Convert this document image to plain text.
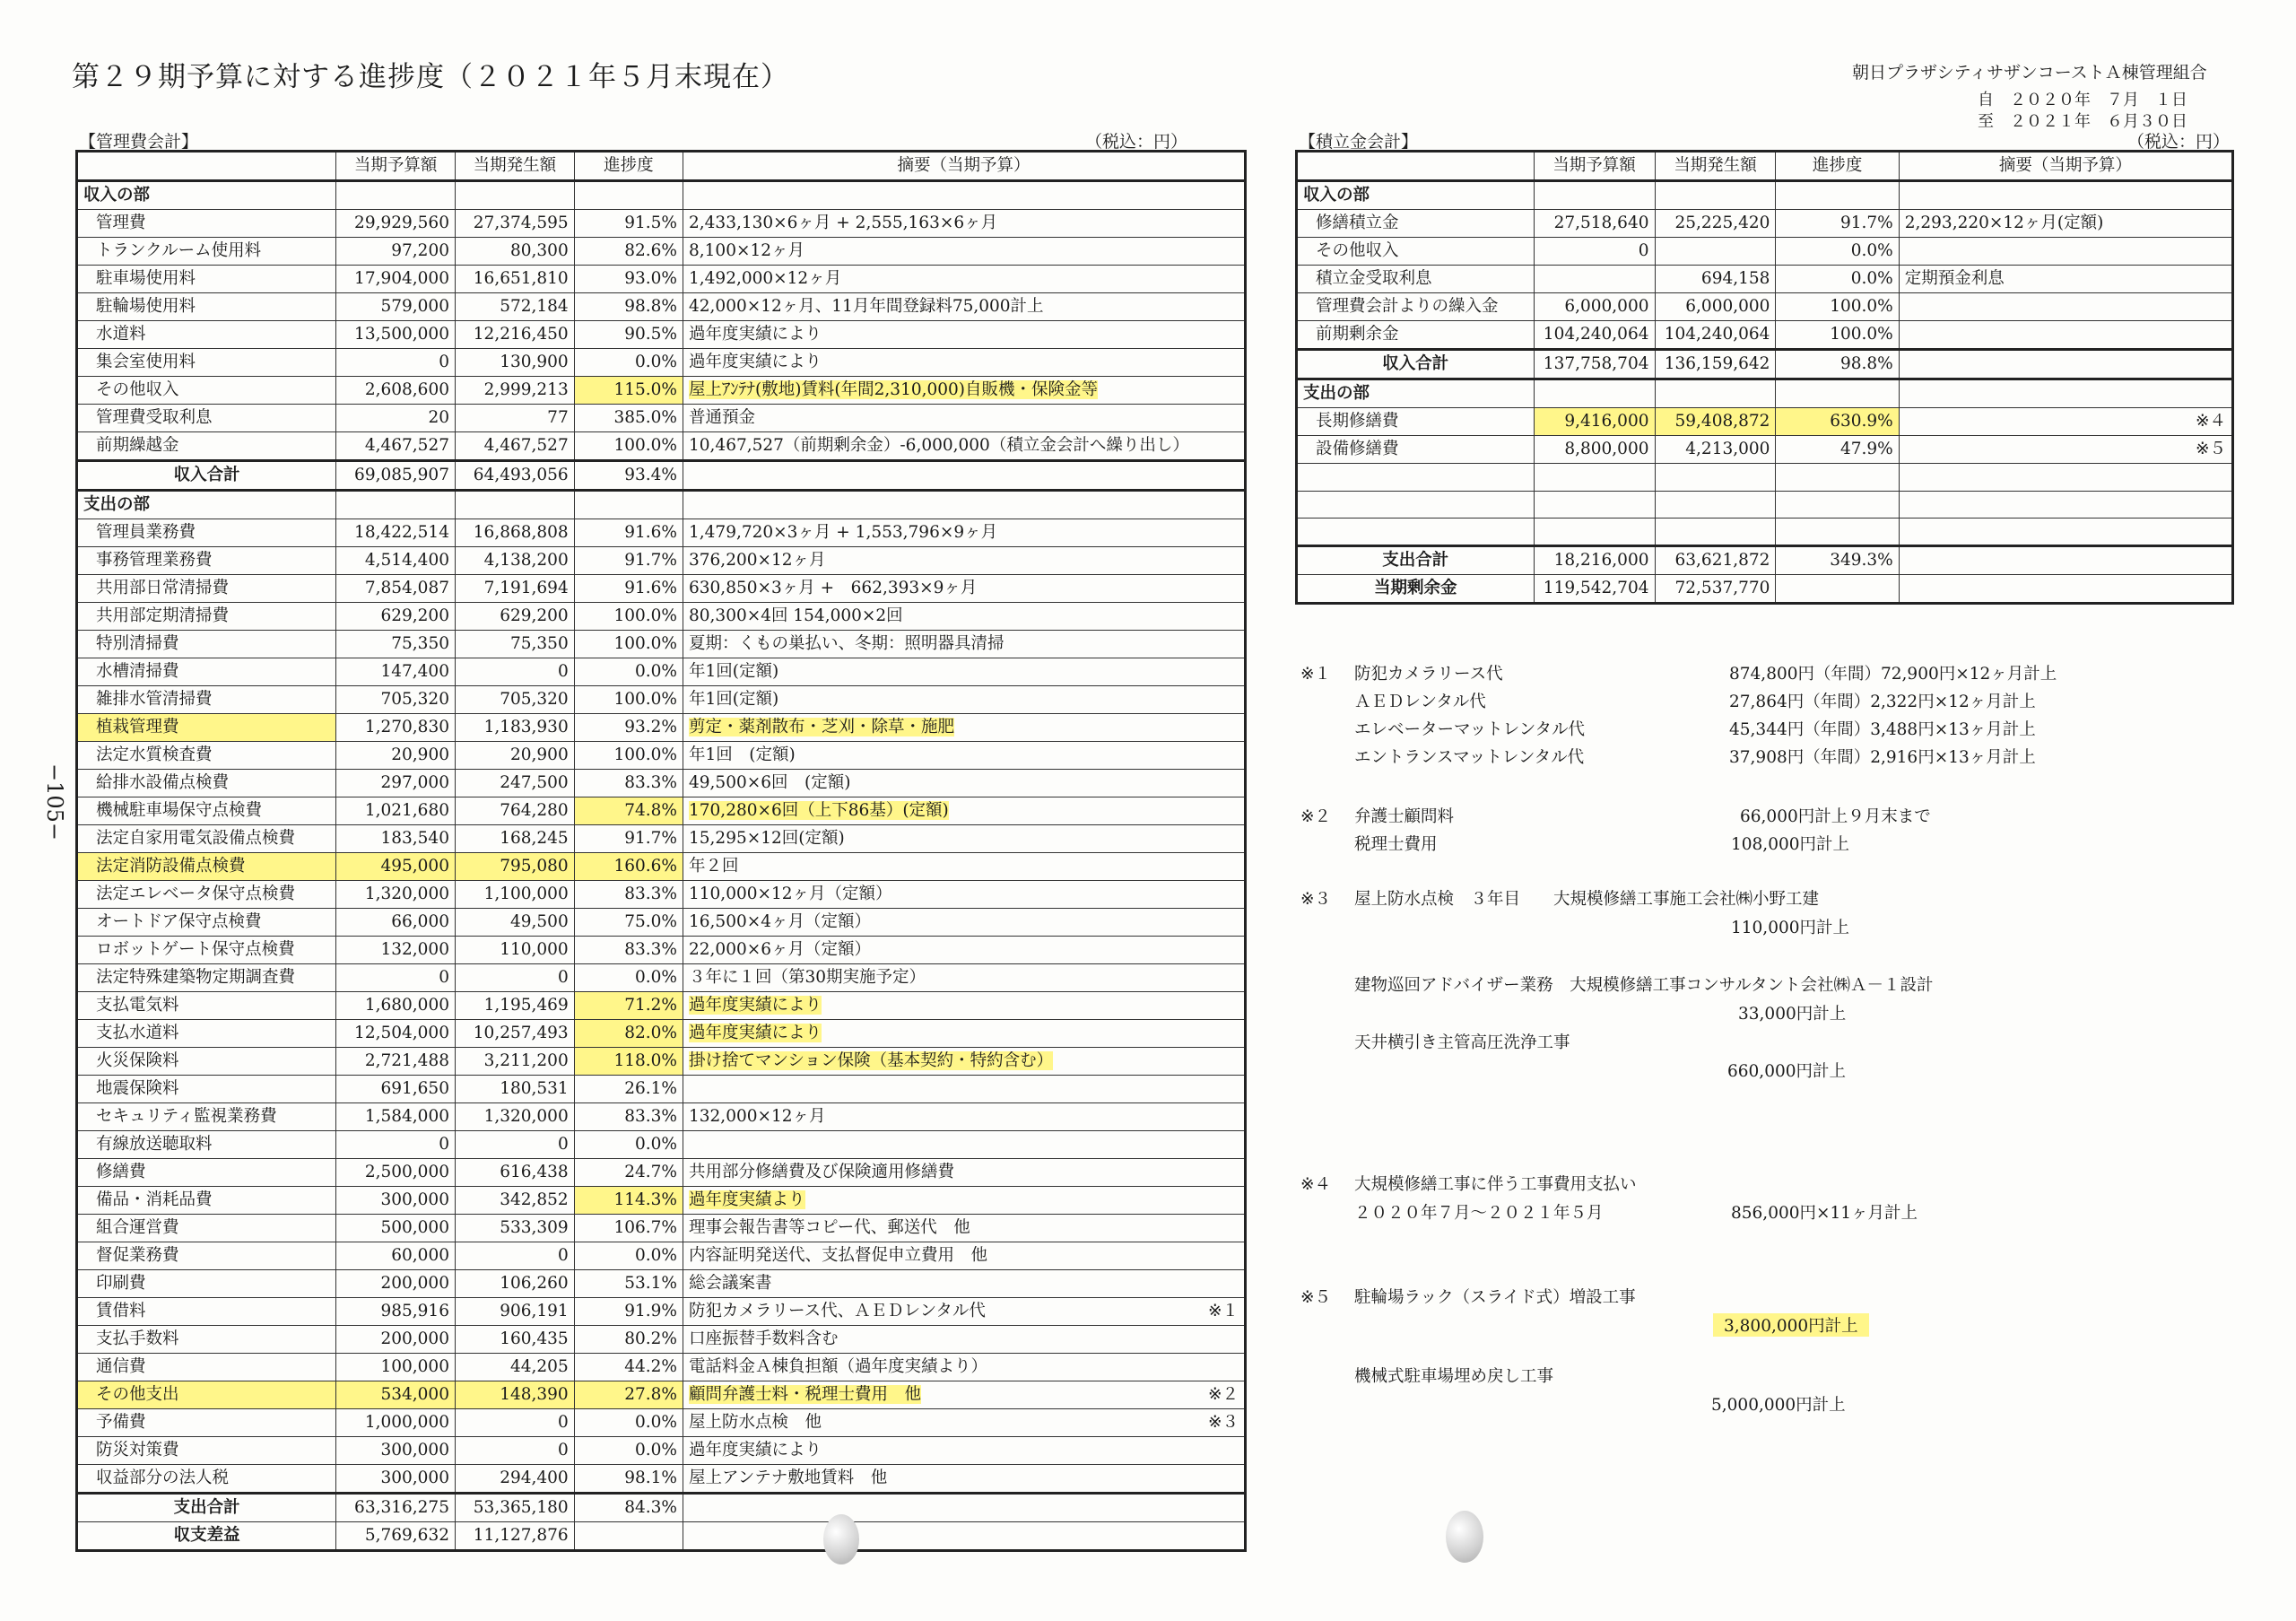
第２９期予算に対する進捗度（２０２１年５月末現在）	朝日プラザシティサザンコーストＡ棟管理組合
自　２０２０年　７月　１日
至　２０２１年　６月３０日
−105−
【管理費会計】	（税込：円）
	当期予算額	当期発生額	進捗度	摘要（当期予算）
収入の部				
管理費	29,929,560	27,374,595	91.5%	2,433,130×6ヶ月 + 2,555,163×6ヶ月
トランクルーム使用料	97,200	80,300	82.6%	8,100×12ヶ月
駐車場使用料	17,904,000	16,651,810	93.0%	1,492,000×12ヶ月
駐輪場使用料	579,000	572,184	98.8%	42,000×12ヶ月、11月年間登録料75,000計上
水道料	13,500,000	12,216,450	90.5%	過年度実績により
集会室使用料	0	130,900	0.0%	過年度実績により
その他収入	2,608,600	2,999,213	115.0%	屋上ｱﾝﾃﾅ(敷地)賃料(年間2,310,000)自販機・保険金等
管理費受取利息	20	77	385.0%	普通預金
前期繰越金	4,467,527	4,467,527	100.0%	10,467,527（前期剰余金）-6,000,000（積立金会計へ繰り出し）
収入合計	69,085,907	64,493,056	93.4%	
支出の部				
管理員業務費	18,422,514	16,868,808	91.6%	1,479,720×3ヶ月 + 1,553,796×9ヶ月
事務管理業務費	4,514,400	4,138,200	91.7%	376,200×12ヶ月
共用部日常清掃費	7,854,087	7,191,694	91.6%	630,850×3ヶ月 +　662,393×9ヶ月
共用部定期清掃費	629,200	629,200	100.0%	80,300×4回 154,000×2回
特別清掃費	75,350	75,350	100.0%	夏期：くもの巣払い、冬期：照明器具清掃
水槽清掃費	147,400	0	0.0%	年1回(定額)
雑排水管清掃費	705,320	705,320	100.0%	年1回(定額)
植栽管理費	1,270,830	1,183,930	93.2%	剪定・薬剤散布・芝刈・除草・施肥
法定水質検査費	20,900	20,900	100.0%	年1回　(定額)
給排水設備点検費	297,000	247,500	83.3%	49,500×6回　(定額)
機械駐車場保守点検費	1,021,680	764,280	74.8%	170,280×6回（上下86基）(定額)
法定自家用電気設備点検費	183,540	168,245	91.7%	15,295×12回(定額)
法定消防設備点検費	495,000	795,080	160.6%	年２回
法定エレベータ保守点検費	1,320,000	1,100,000	83.3%	110,000×12ヶ月（定額）
オートドア保守点検費	66,000	49,500	75.0%	16,500×4ヶ月（定額）
ロボットゲート保守点検費	132,000	110,000	83.3%	22,000×6ヶ月（定額）
法定特殊建築物定期調査費	0	0	0.0%	３年に１回（第30期実施予定）
支払電気料	1,680,000	1,195,469	71.2%	過年度実績により
支払水道料	12,504,000	10,257,493	82.0%	過年度実績により
火災保険料	2,721,488	3,211,200	118.0%	掛け捨てマンション保険（基本契約・特約含む）
地震保険料	691,650	180,531	26.1%	
セキュリティ監視業務費	1,584,000	1,320,000	83.3%	132,000×12ヶ月
有線放送聴取料	0	0	0.0%	
修繕費	2,500,000	616,438	24.7%	共用部分修繕費及び保険適用修繕費
備品・消耗品費	300,000	342,852	114.3%	過年度実績より
組合運営費	500,000	533,309	106.7%	理事会報告書等コピー代、郵送代　他
督促業務費	60,000	0	0.0%	内容証明発送代、支払督促申立費用　他
印刷費	200,000	106,260	53.1%	総会議案書
賃借料	985,916	906,191	91.9%	防犯カメラリース代、ＡＥＤレンタル代 ※１

支払手数料	200,000	160,435	80.2%	口座振替手数料含む
通信費	100,000	44,205	44.2%	電話料金Ａ棟負担額（過年度実績より）
その他支出	534,000	148,390	27.8%	顧問弁護士料・税理士費用　他 ※２

予備費	1,000,000	0	0.0%	屋上防水点検　他 ※３

防災対策費	300,000	0	0.0%	過年度実績により
収益部分の法人税	300,000	294,400	98.1%	屋上アンテナ敷地賃料　他
支出合計	63,316,275	53,365,180	84.3%	
収支差益	5,769,632	11,127,876		
【積立金会計】	（税込：円）
	当期予算額	当期発生額	進捗度	摘要（当期予算）
収入の部				
修繕積立金	27,518,640	25,225,420	91.7%	2,293,220×12ヶ月(定額)
その他収入	0		0.0%	
積立金受取利息		694,158	0.0%	定期預金利息
管理費会計よりの繰入金	6,000,000	6,000,000	100.0%	
前期剰余金	104,240,064	104,240,064	100.0%	
収入合計	137,758,704	136,159,642	98.8%	
支出の部				
長期修繕費	9,416,000	59,408,872	630.9%	※４

設備修繕費	8,800,000	4,213,000	47.9%	※５

支出合計	18,216,000	63,621,872	349.3%	
当期剰余金	119,542,704	72,537,770		
※１ 防犯カメラリース代	874,800円（年間）72,900円×12ヶ月計上
ＡＥＤレンタル代	27,864円（年間）2,322円×12ヶ月計上
エレベーターマットレンタル代	45,344円（年間）3,488円×13ヶ月計上
エントランスマットレンタル代	37,908円（年間）2,916円×13ヶ月計上
※２ 弁護士顧問料	66,000円計上９月末まで
税理士費用	108,000円計上
※３ 屋上防水点検　３年目　　大規模修繕工事施工会社㈱小野工建
110,000円計上
建物巡回アドバイザー業務　大規模修繕工事コンサルタント会社㈱Ａ－１設計
33,000円計上
天井横引き主管高圧洗浄工事
660,000円計上
※４ 大規模修繕工事に伴う工事費用支払い
２０２０年７月～２０２１年５月	856,000円×11ヶ月計上
※５ 駐輪場ラック（スライド式）増設工事
3,800,000円計上
機械式駐車場埋め戻し工事
5,000,000円計上
